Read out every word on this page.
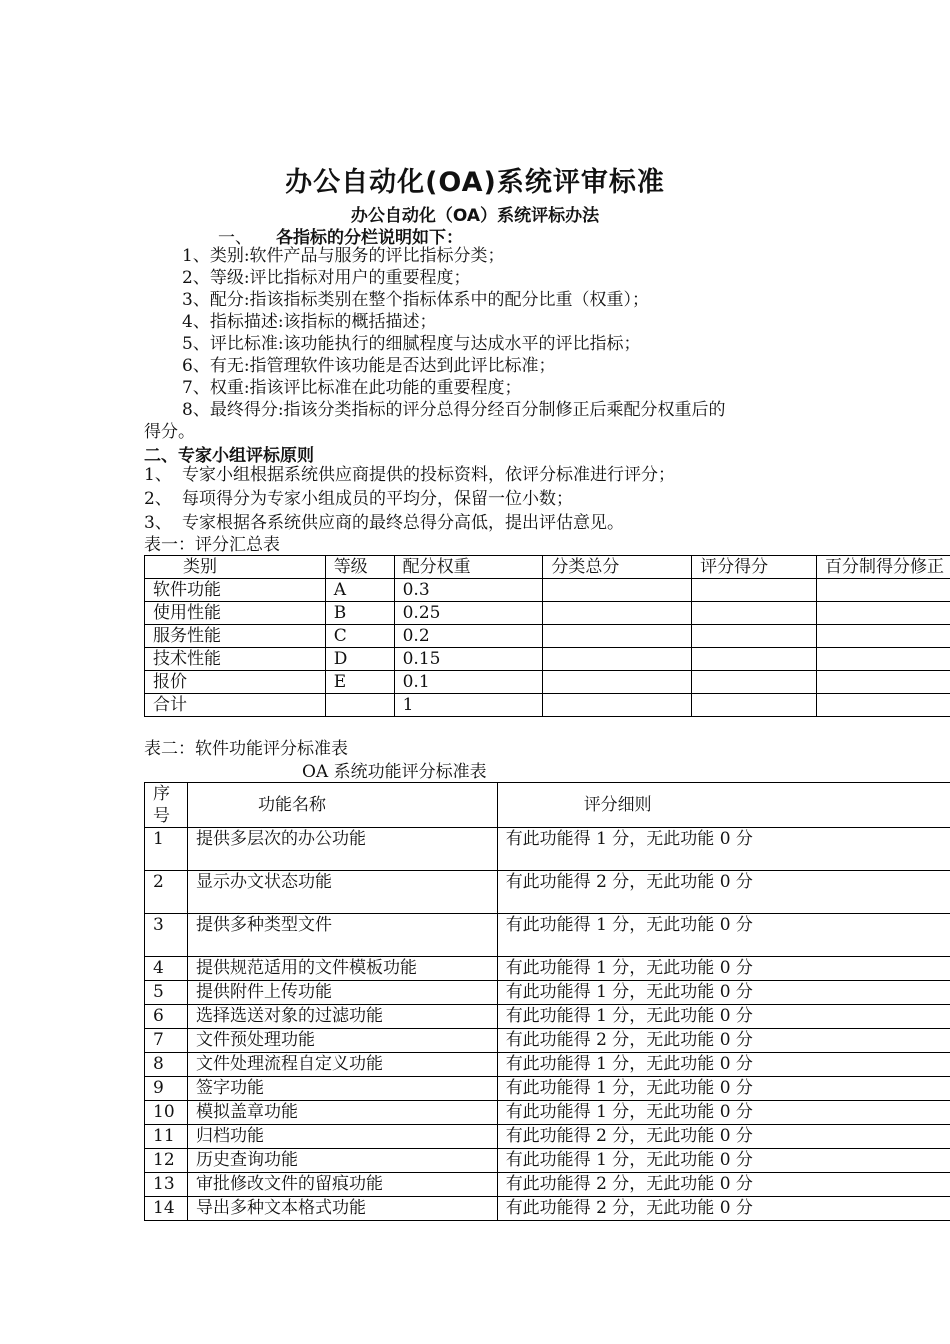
办公自动化(OA)系统评审标准
办公自动化（OA）系统评标办法
一、 各指标的分栏说明如下：
1、类别:软件产品与服务的评比指标分类；
2、等级:评比指标对用户的重要程度；
3、配分:指该指标类别在整个指标体系中的配分比重（权重）；
4、指标描述:该指标的概括描述；
5、评比标准:该功能执行的细腻程度与达成水平的评比指标；
6、有无:指管理软件该功能是否达到此评比标准；
7、权重:指该评比标准在此功能的重要程度；
8、最终得分:指该分类指标的评分总得分经百分制修正后乘配分权重后的
得分。
二、专家小组评标原则
1、 专家小组根据系统供应商提供的投标资料，依评分标准进行评分；
2、 每项得分为专家小组成员的平均分，保留一位小数；
3、 专家根据各系统供应商的最终总得分高低，提出评估意见。
表一：评分汇总表
类别	等级	配分权重	分类总分	评分得分	百分制得分修正
软件功能	A	0.3			
使用性能	B	0.25			
服务性能	C	0.2			
技术性能	D	0.15			
报价	E	0.1			
合计		1			
表二：软件功能评分标准表
OA 系统功能评分标准表
序号	功能名称	评分细则
1	提供多层次的办公功能	有此功能得 1 分，无此功能 0 分
2	显示办文状态功能	有此功能得 2 分，无此功能 0 分
3	提供多种类型文件	有此功能得 1 分，无此功能 0 分
4	提供规范适用的文件模板功能	有此功能得 1 分，无此功能 0 分
5	提供附件上传功能	有此功能得 1 分，无此功能 0 分
6	选择选送对象的过滤功能	有此功能得 1 分，无此功能 0 分
7	文件预处理功能	有此功能得 2 分，无此功能 0 分
8	文件处理流程自定义功能	有此功能得 1 分，无此功能 0 分
9	签字功能	有此功能得 1 分，无此功能 0 分
10	模拟盖章功能	有此功能得 1 分，无此功能 0 分
11	归档功能	有此功能得 2 分，无此功能 0 分
12	历史查询功能	有此功能得 1 分，无此功能 0 分
13	审批修改文件的留痕功能	有此功能得 2 分，无此功能 0 分
14	导出多种文本格式功能	有此功能得 2 分，无此功能 0 分
